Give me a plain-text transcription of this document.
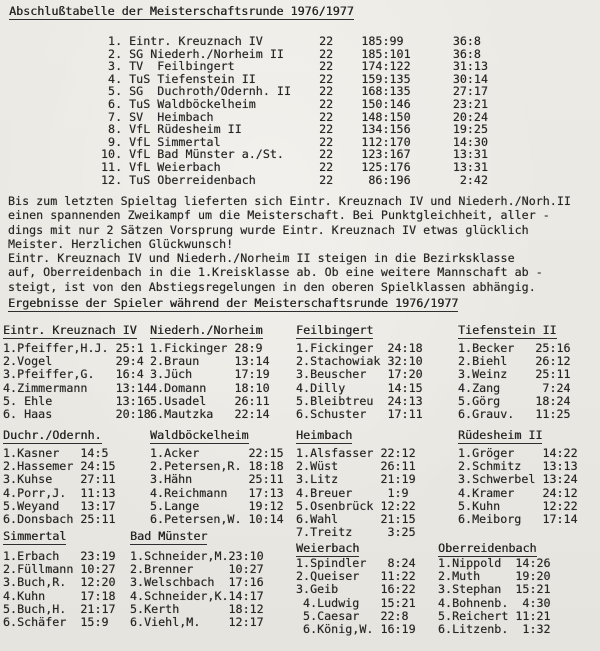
Abschlußtabelle der Meisterschaftsrunde 1976/1977
1. Eintr. Kreuznach IV        22    185:99       36:8
2. SG Niederh./Norheim II     22    185:101      36:8
3. TV  Feilbingert            22    174:122      31:13
4. TuS Tiefenstein II         22    159:135      30:14
5. SG  Duchroth/Odernh. II    22    168:135      27:17
6. TuS Waldböckelheim         22    150:146      23:21
7. SV  Heimbach               22    148:150      20:24
8. VfL Rüdesheim II           22    134:156      19:25
9. VfL Simmertal              22    112:170      14:30
10. VfL Bad Münster a./St.     22    123:167      13:31
11. VfL Weierbach              22    125:176      13:31
12. TuS Oberreidenbach         22     86:196       2:42
Bis zum letzten Spieltag lieferten sich Eintr. Kreuznach IV und Niederh./Norh.II
einen spannenden Zweikampf um die Meisterschaft. Bei Punktgleichheit, aller -
dings mit nur 2 Sätzen Vorsprung wurde Eintr. Kreuznach IV etwas glücklich
Meister. Herzlichen Glückwunsch!
Eintr. Kreuznach IV und Niederh./Norheim II steigen in die Bezirksklasse
auf, Oberreidenbach in die 1.Kreisklasse ab. Ob eine weitere Mannschaft ab -
steigt, ist von den Abstiegsregelungen in den oberen Spielklassen abhängig.
Ergebnisse der Spieler während der Meisterschaftsrunde 1976/1977
Eintr. Kreuznach IV
1.Pfeiffer,H.J. 25:1
2.Vogel	29:4
3.Pfeiffer,G. 16:4
4.Zimmermann 13:14
5. Ehle	13:16
6. Haas	20:18
Niederh./Norheim
1.Fickinger 28:9
2.Braun	13:14
3.Jüch	17:19
4.Domann 18:10
5.Usadel 26:11
6.Mautzka 22:14
Feilbingert
1.Fickinger 24:18
2.Stachowiak 32:10
3.Beuscher 17:20
4.Dilly	14:15
5.Bleibtreu 24:13
6.Schuster 17:11
Tiefenstein II
1.Becker 25:16
2.Biehl 26:12
3.Weinz 25:11
4.Zang	7:24
5.Görg	18:24
6.Grauv. 11:25
Duchr./Odernh.
1.Kasner 14:5
2.Hassemer 24:15
3.Kuhse 27:11
4.Porr,J. 11:13
5.Weyand 13:17
6.Donsbach 25:11
Waldböckelheim
1.Acker	22:15
2.Petersen,R. 18:18
3.Hähn	25:11
4.Reichmann 17:13
5.Lange	19:12
6.Petersen,W. 10:14
Heimbach
1.Alsfasser 22:12
2.Wüst	26:11
3.Litz	21:19
4.Breuer 1:9
5.Osenbrück 12:22
6.Wahl	21:15
7.Treitz 3:25
Rüdesheim II
1.Gröger 14:22
2.Schmitz 13:13
3.Schwerbel 13:24
4.Kramer 24:12
5.Kuhn	12:22
6.Meiborg 17:14
Simmertal
1.Erbach 23:19
2.Füllmann 10:27
3.Buch,R. 12:20
4.Kuhn	17:18
5.Buch,H. 21:17
6.Schäfer 15:9
Bad Münster
1.Schneider,M.23:10
2.Brenner	10:27
3.Welschbach 17:16
4.Schneider,K.14:17
5.Kerth	18:12
6.Viehl,M. 12:17
Weierbach
1.Spindler 8:24
2.Queiser 11:22
3.Geib	16:22
4.Ludwig 15:21
5.Caesar 22:8
6.König,W. 16:19
Oberreidenbach
1.Nippold 14:26
2.Muth	19:20
3.Stephan 15:21
4.Bohnenb. 4:30
5.Reichert 11:21
6.Litzenb. 1:32
